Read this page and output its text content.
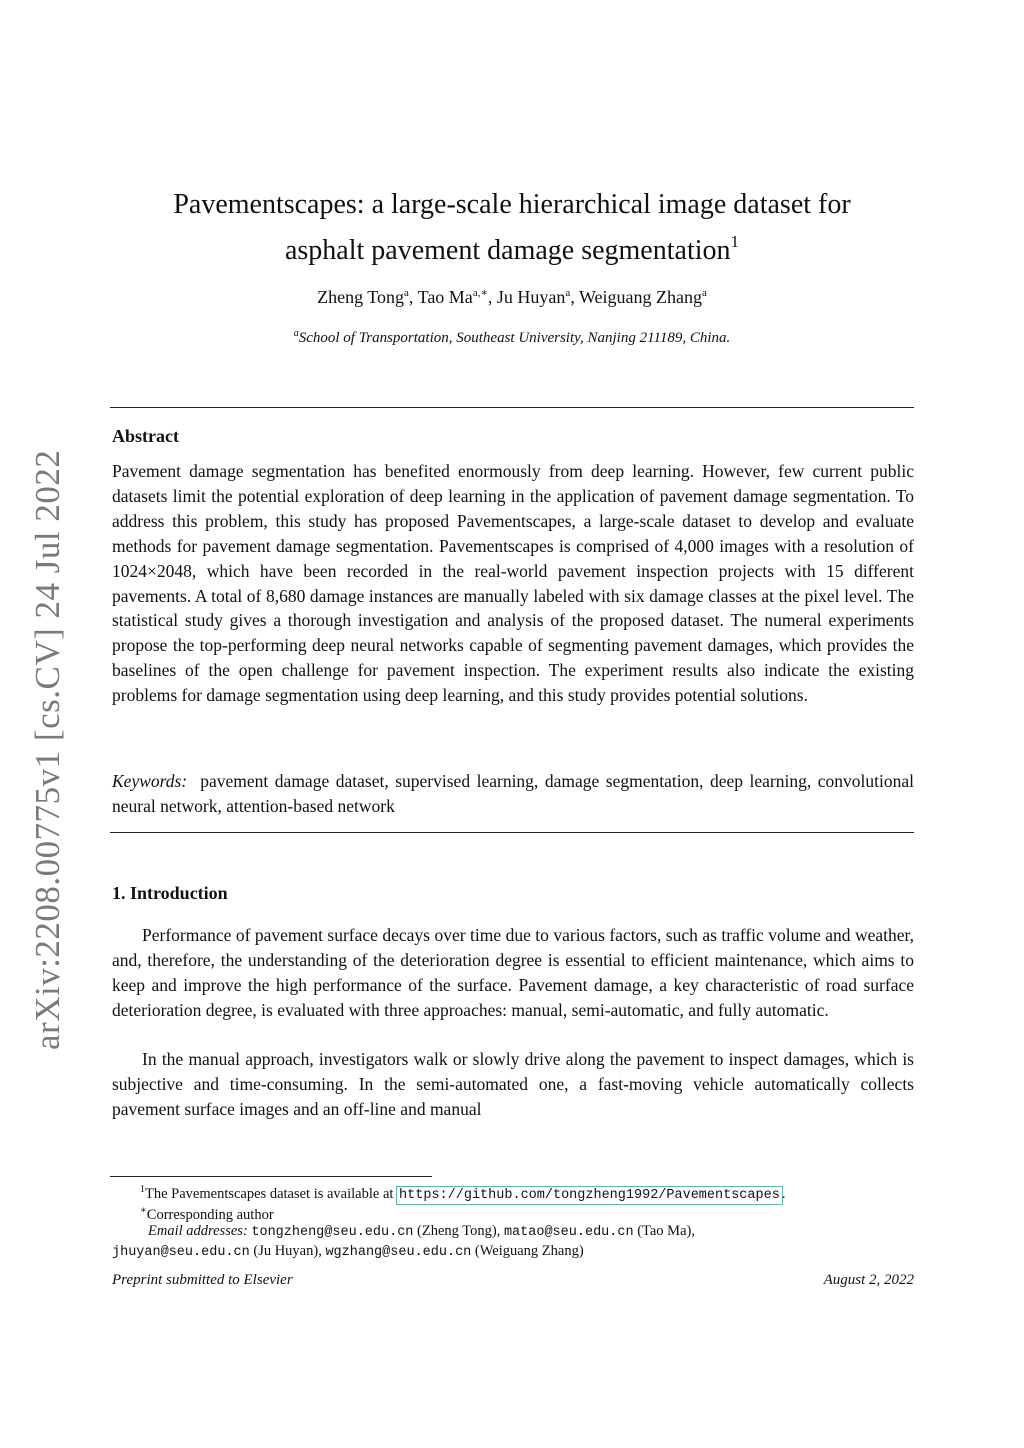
arXiv:2208.00775v1 [cs.CV] 24 Jul 2022
Pavementscapes: a large-scale hierarchical image dataset for
asphalt pavement damage segmentation$^1$
Zheng Tong$^a$, Tao $Ma^{a,∗}$, Ju Huyan$^a$, Weiguang Zhang$^a$
$^a$School of Transportation, Southeast University, Nanjing 211189, China.
Abstract
Pavement damage segmentation has benefited enormously from deep learning. However, few current public datasets limit the potential exploration of deep learning in the application of pavement damage segmentation. To address this problem, this study has proposed Pavementscapes, a large-scale dataset to develop and evaluate methods for pavement damage segmentation. Pavementscapes is comprised of 4,000 images with a resolution of 1024×2048, which have been recorded in the real-world pavement inspection projects with 15 different pavements. A total of 8,680 damage instances are manually labeled with six damage classes at the pixel level. The statistical study gives a thorough investigation and analysis of the proposed dataset. The numeral experiments propose the top-performing deep neural networks capable of segmenting pavement damages, which provides the baselines of the open challenge for pavement inspection. The experiment results also indicate the existing problems for damage segmentation using deep learning, and this study provides potential solutions.
Keywords: pavement damage dataset, supervised learning, damage segmentation, deep learning, convolutional neural network, attention-based network
1. Introduction
Performance of pavement surface decays over time due to various factors, such as traffic volume and weather, and, therefore, the understanding of the deterioration degree is essential to efficient maintenance, which aims to keep and improve the high performance of the surface. Pavement damage, a key characteristic of road surface deterioration degree, is evaluated with three approaches: manual, semi-automatic, and fully automatic.
In the manual approach, investigators walk or slowly drive along the pavement to inspect damages, which is subjective and time-consuming. In the semi-automated one, a fast-moving vehicle automatically collects pavement surface images and an off-line and manual
$^1$The Pavementscapes dataset is available at https://github.com/tongzheng1992/Pavementscapes .
∗Corresponding author
Email addresses: tongzheng@seu.edu.cn (Zheng Tong), matao@seu.edu.cn (Tao Ma),
jhuyan@seu.edu.cn (Ju Huyan), wgzhang@seu.edu.cn (Weiguang Zhang)
Preprint submitted to Elsevier	August 2, 2022
